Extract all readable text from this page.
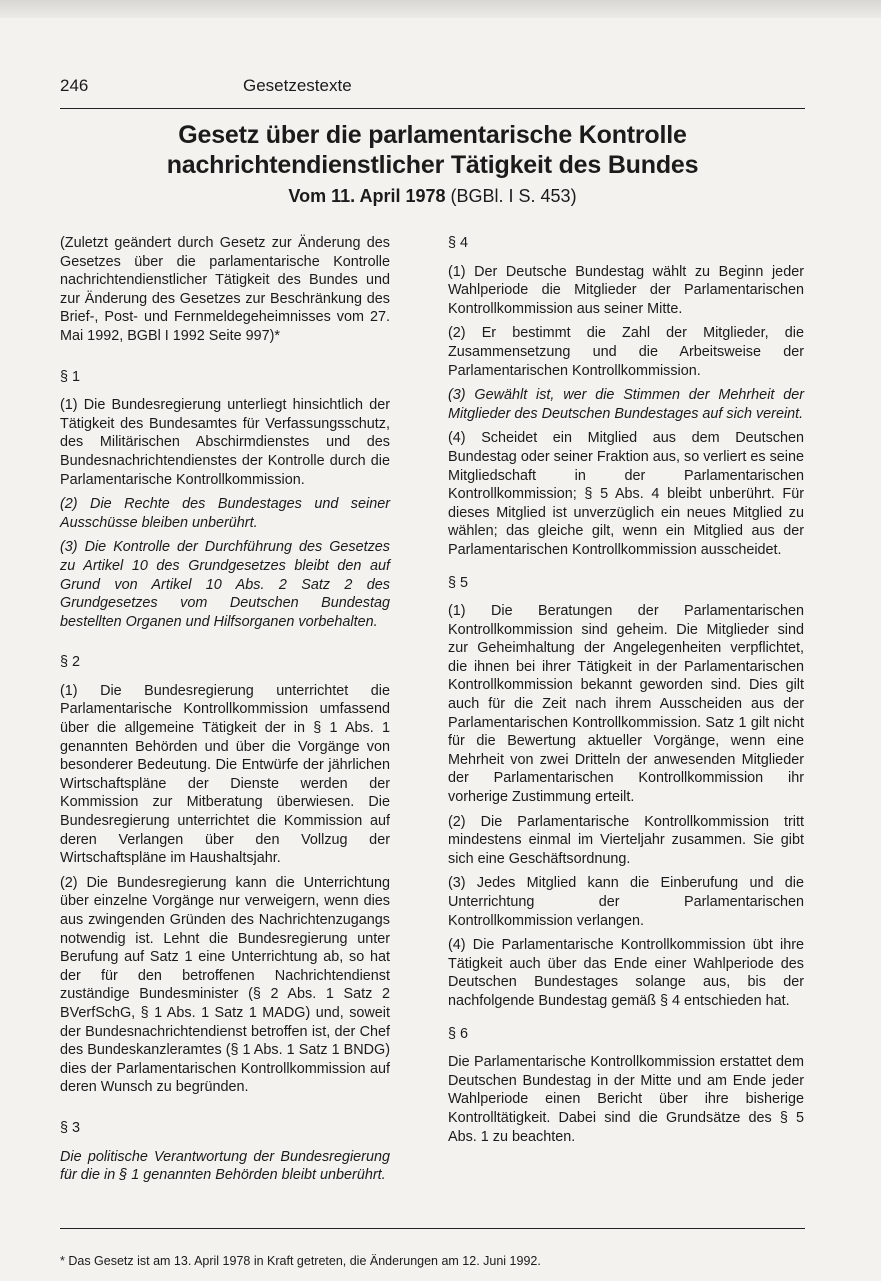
246	Gesetzestexte
Gesetz über die parlamentarische Kontrolle
nachrichtendienstlicher Tätigkeit des Bundes
Vom 11. April 1978 (BGBl. I S. 453)

(Zuletzt geändert durch Gesetz zur Änderung des Gesetzes über die parlamentarische Kontrolle nachrichtendienstlicher Tätigkeit des Bundes und zur Änderung des Gesetzes zur Beschränkung des Brief-, Post- und Fernmeldegeheimnisses vom 27. Mai 1992, BGBl I 1992 Seite 997)*

§ 1

(1) Die Bundesregierung unterliegt hinsichtlich der Tätigkeit des Bundesamtes für Verfassungsschutz, des Militärischen Abschirmdienstes und des Bundesnachrichtendienstes der Kontrolle durch die Parlamentarische Kontrollkommission.

(2) Die Rechte des Bundestages und seiner Ausschüsse bleiben unberührt.

(3) Die Kontrolle der Durchführung des Gesetzes zu Artikel 10 des Grundgesetzes bleibt den auf Grund von Artikel 10 Abs. 2 Satz 2 des Grundgesetzes vom Deutschen Bundestag bestellten Organen und Hilfsorganen vorbehalten.

§ 2

(1) Die Bundesregierung unterrichtet die Parlamentarische Kontrollkommission umfassend über die allgemeine Tätigkeit der in § 1 Abs. 1 genannten Behörden und über die Vorgänge von besonderer Bedeutung. Die Entwürfe der jährlichen Wirtschaftspläne der Dienste werden der Kommission zur Mitberatung überwiesen. Die Bundesregierung unterrichtet die Kommission auf deren Verlangen über den Vollzug der Wirtschaftspläne im Haushaltsjahr.

(2) Die Bundesregierung kann die Unterrichtung über einzelne Vorgänge nur verweigern, wenn dies aus zwingenden Gründen des Nachrichtenzugangs notwendig ist. Lehnt die Bundesregierung unter Berufung auf Satz 1 eine Unterrichtung ab, so hat der für den betroffenen Nachrichtendienst zuständige Bundesminister (§ 2 Abs. 1 Satz 2 BVerfSchG, § 1 Abs. 1 Satz 1 MADG) und, soweit der Bundesnachrichtendienst betroffen ist, der Chef des Bundeskanzleramtes (§ 1 Abs. 1 Satz 1 BNDG) dies der Parlamentarischen Kontrollkommission auf deren Wunsch zu begründen.

§ 3

Die politische Verantwortung der Bundesregierung für die in § 1 genannten Behörden bleibt unberührt.

§ 4

(1) Der Deutsche Bundestag wählt zu Beginn jeder Wahlperiode die Mitglieder der Parlamentarischen Kontrollkommission aus seiner Mitte.

(2) Er bestimmt die Zahl der Mitglieder, die Zusammensetzung und die Arbeitsweise der Parlamentarischen Kontrollkommission.

(3) Gewählt ist, wer die Stimmen der Mehrheit der Mitglieder des Deutschen Bundestages auf sich vereint.

(4) Scheidet ein Mitglied aus dem Deutschen Bundestag oder seiner Fraktion aus, so verliert es seine Mitgliedschaft in der Parlamentarischen Kontrollkommission; § 5 Abs. 4 bleibt unberührt. Für dieses Mitglied ist unverzüglich ein neues Mitglied zu wählen; das gleiche gilt, wenn ein Mitglied aus der Parlamentarischen Kontrollkommission ausscheidet.

§ 5

(1) Die Beratungen der Parlamentarischen Kontrollkommission sind geheim. Die Mitglieder sind zur Geheimhaltung der Angelegenheiten verpflichtet, die ihnen bei ihrer Tätigkeit in der Parlamentarischen Kontrollkommission bekannt geworden sind. Dies gilt auch für die Zeit nach ihrem Ausscheiden aus der Parlamentarischen Kontrollkommission. Satz 1 gilt nicht für die Bewertung aktueller Vorgänge, wenn eine Mehrheit von zwei Dritteln der anwesenden Mitglieder der Parlamentarischen Kontrollkommission ihr vorherige Zustimmung erteilt.

(2) Die Parlamentarische Kontrollkommission tritt mindestens einmal im Vierteljahr zusammen. Sie gibt sich eine Geschäftsordnung.

(3) Jedes Mitglied kann die Einberufung und die Unterrichtung der Parlamentarischen Kontrollkommission verlangen.

(4) Die Parlamentarische Kontrollkommission übt ihre Tätigkeit auch über das Ende einer Wahlperiode des Deutschen Bundestages solange aus, bis der nachfolgende Bundestag gemäß § 4 entschieden hat.

§ 6

Die Parlamentarische Kontrollkommission erstattet dem Deutschen Bundestag in der Mitte und am Ende jeder Wahlperiode einen Bericht über ihre bisherige Kontrolltätigkeit. Dabei sind die Grundsätze des § 5 Abs. 1 zu beachten.

* Das Gesetz ist am 13. April 1978 in Kraft getreten, die Änderungen am 12. Juni 1992.
